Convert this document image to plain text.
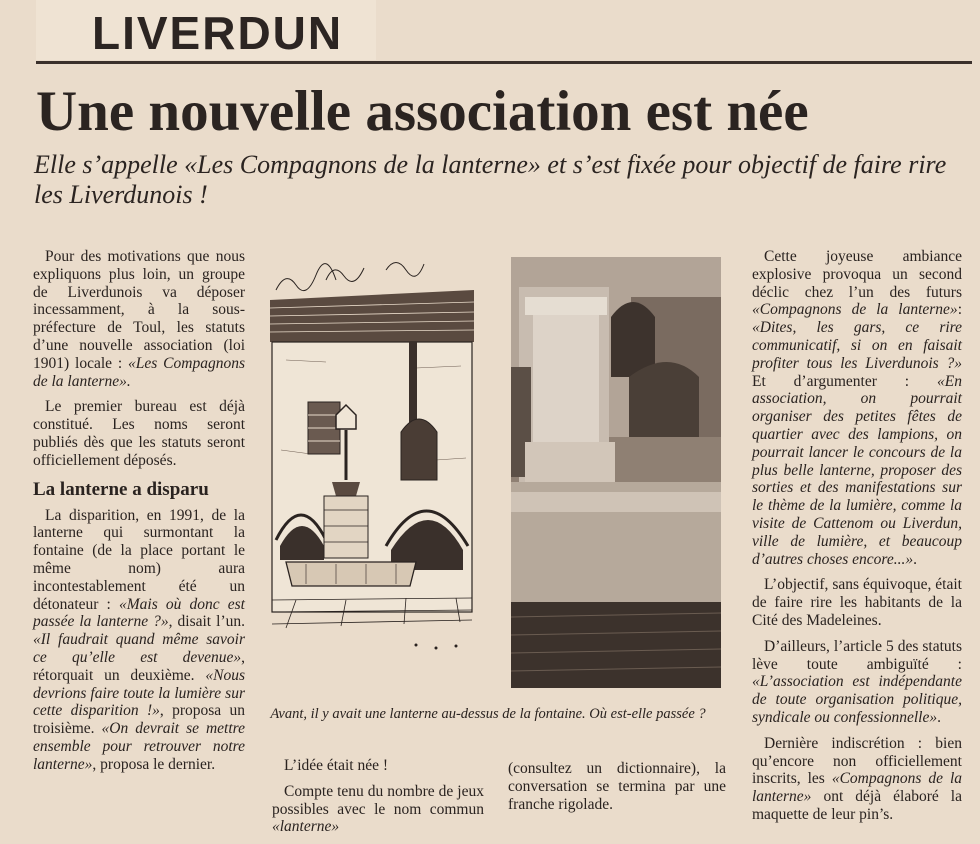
LIVERDUN
Une nouvelle association est née
Elle s’appelle «Les Compagnons de la lanterne» et s’est fixée pour objectif de faire rire les Liverdunois !

Pour des motivations que nous expliquons plus loin, un groupe de Liverdunois va déposer incessamment, à la sous-préfecture de Toul, les statuts d’une nouvelle association (loi 1901) locale : «Les Compagnons de la lanterne».

Le premier bureau est déjà constitué. Les noms seront publiés dès que les statuts seront officiellement déposés.

La lanterne a disparu

La disparition, en 1991, de la lanterne qui surmontant la fontaine (de la place portant le même nom) aura incontestablement été un détonateur : «Mais où donc est passée la lanterne ?», disait l’un. «Il faudrait quand même savoir ce qu’elle est devenue», rétorquait un deuxième. «Nous devrions faire toute la lumière sur cette disparition !», proposa un troisième. «On devrait se mettre ensemble pour retrouver notre lanterne», proposa le dernier.

Avant, il y avait une lanterne au-dessus de la fontaine. Où est-elle passée ?

L’idée était née !

Compte tenu du nombre de jeux possibles avec le nom commun «lanterne»

(consultez un dictionnaire), la conversation se termina par une franche rigolade.

Cette joyeuse ambiance explosive provoqua un second déclic chez l’un des futurs «Compagnons de la lanterne»: «Dites, les gars, ce rire communicatif, si on en faisait profiter tous les Liverdunois ?» Et d’argumenter : «En association, on pourrait organiser des petites fêtes de quartier avec des lampions, on pourrait lancer le concours de la plus belle lanterne, proposer des sorties et des manifestations sur le thème de la lumière, comme la visite de Cattenom ou Liverdun, ville de lumière, et beaucoup d’autres choses encore...».

L’objectif, sans équivoque, était de faire rire les habitants de la Cité des Madeleines.

D’ailleurs, l’article 5 des statuts lève toute ambiguïté : «L’association est indépendante de toute organisation politique, syndicale ou confessionnelle».

Dernière indiscrétion : bien qu’encore non officiellement inscrits, les «Compagnons de la lanterne» ont déjà élaboré la maquette de leur pin’s.
